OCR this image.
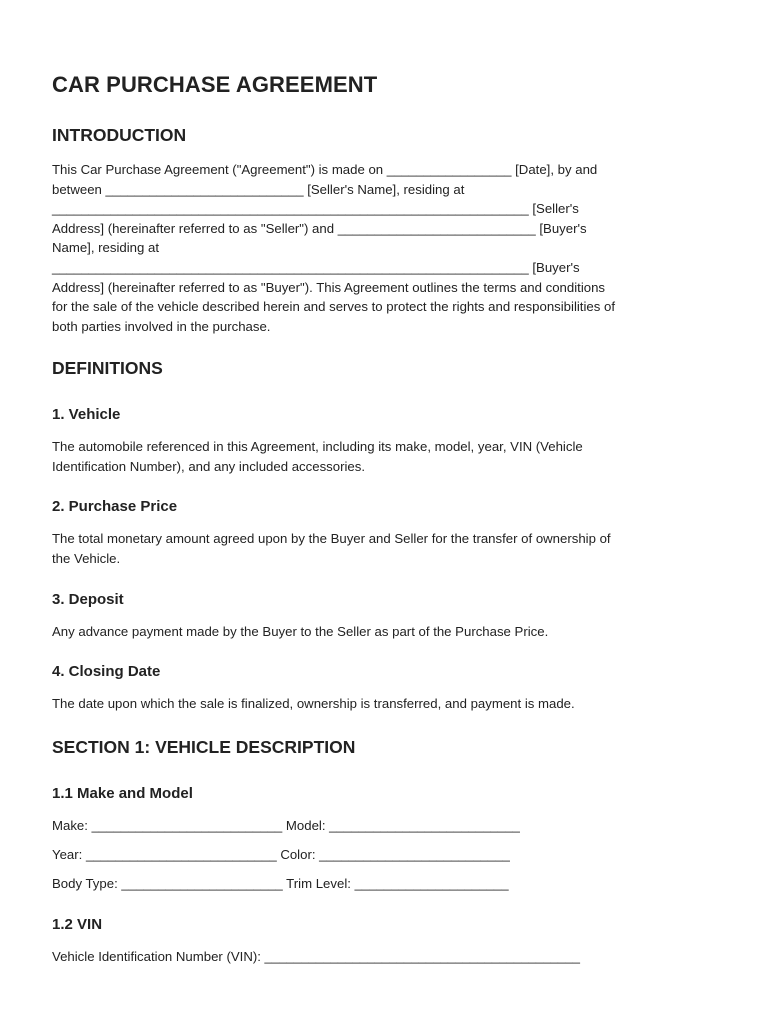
CAR PURCHASE AGREEMENT
INTRODUCTION
This Car Purchase Agreement ("Agreement") is made on _________________ [Date], by and
between ___________________________ [Seller's Name], residing at
_________________________________________________________________ [Seller's
Address] (hereinafter referred to as "Seller") and ___________________________ [Buyer's
Name], residing at
_________________________________________________________________ [Buyer's
Address] (hereinafter referred to as "Buyer"). This Agreement outlines the terms and conditions
for the sale of the vehicle described herein and serves to protect the rights and responsibilities of
both parties involved in the purchase.
DEFINITIONS
1. Vehicle
The automobile referenced in this Agreement, including its make, model, year, VIN (Vehicle
Identification Number), and any included accessories.
2. Purchase Price
The total monetary amount agreed upon by the Buyer and Seller for the transfer of ownership of
the Vehicle.
3. Deposit
Any advance payment made by the Buyer to the Seller as part of the Purchase Price.
4. Closing Date
The date upon which the sale is finalized, ownership is transferred, and payment is made.
SECTION 1: VEHICLE DESCRIPTION
1.1 Make and Model
Make: __________________________ Model: __________________________
Year: __________________________ Color: __________________________
Body Type: ______________________ Trim Level: _____________________
1.2 VIN
Vehicle Identification Number (VIN): ___________________________________________
